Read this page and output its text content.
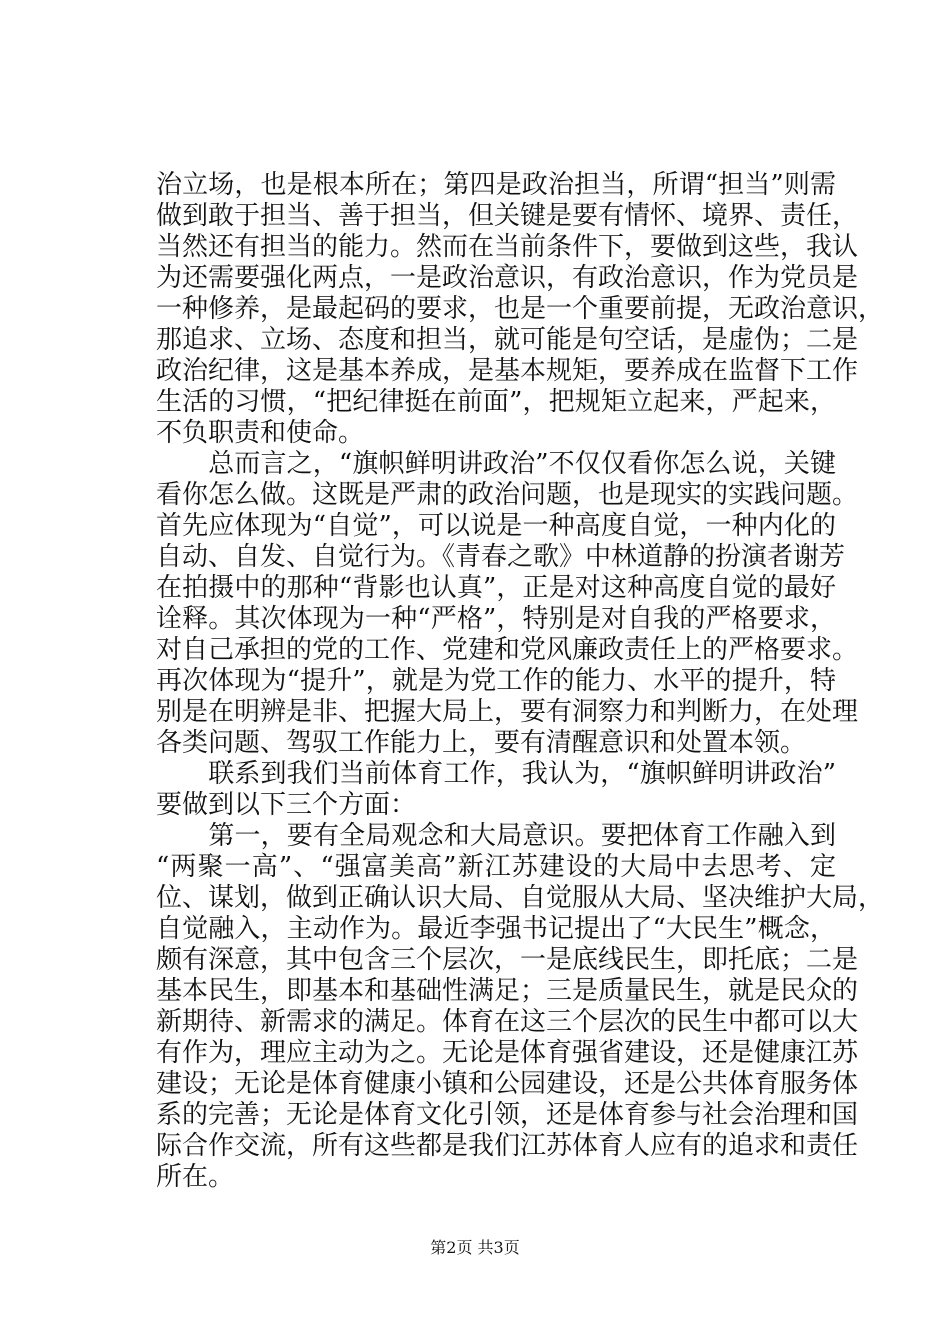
治立场，也是根本所在；第四是政治担当，所谓“担当”则需
做到敢于担当、善于担当，但关键是要有情怀、境界、责任，
当然还有担当的能力。然而在当前条件下，要做到这些，我认
为还需要强化两点，一是政治意识，有政治意识，作为党员是
一种修养，是最起码的要求，也是一个重要前提，无政治意识，
那追求、立场、态度和担当，就可能是句空话，是虚伪；二是
政治纪律，这是基本养成，是基本规矩，要养成在监督下工作
生活的习惯，“把纪律挺在前面”，把规矩立起来，严起来，
不负职责和使命。
　　总而言之，“旗帜鲜明讲政治”不仅仅看你怎么说，关键
看你怎么做。这既是严肃的政治问题，也是现实的实践问题。
首先应体现为“自觉”，可以说是一种高度自觉，一种内化的
自动、自发、自觉行为。《青春之歌》中林道静的扮演者谢芳
在拍摄中的那种“背影也认真”，正是对这种高度自觉的最好
诠释。其次体现为一种“严格”，特别是对自我的严格要求，
对自己承担的党的工作、党建和党风廉政责任上的严格要求。
再次体现为“提升”，就是为党工作的能力、水平的提升，特
别是在明辨是非、把握大局上，要有洞察力和判断力，在处理
各类问题、驾驭工作能力上，要有清醒意识和处置本领。
　　联系到我们当前体育工作，我认为，“旗帜鲜明讲政治”
要做到以下三个方面：
　　第一，要有全局观念和大局意识。要把体育工作融入到
“两聚一高”、“强富美高”新江苏建设的大局中去思考、定
位、谋划，做到正确认识大局、自觉服从大局、坚决维护大局，
自觉融入，主动作为。最近李强书记提出了“大民生”概念，
颇有深意，其中包含三个层次，一是底线民生，即托底；二是
基本民生，即基本和基础性满足；三是质量民生，就是民众的
新期待、新需求的满足。体育在这三个层次的民生中都可以大
有作为，理应主动为之。无论是体育强省建设，还是健康江苏
建设；无论是体育健康小镇和公园建设，还是公共体育服务体
系的完善；无论是体育文化引领，还是体育参与社会治理和国
际合作交流，所有这些都是我们江苏体育人应有的追求和责任
所在。
第2页 共3页
